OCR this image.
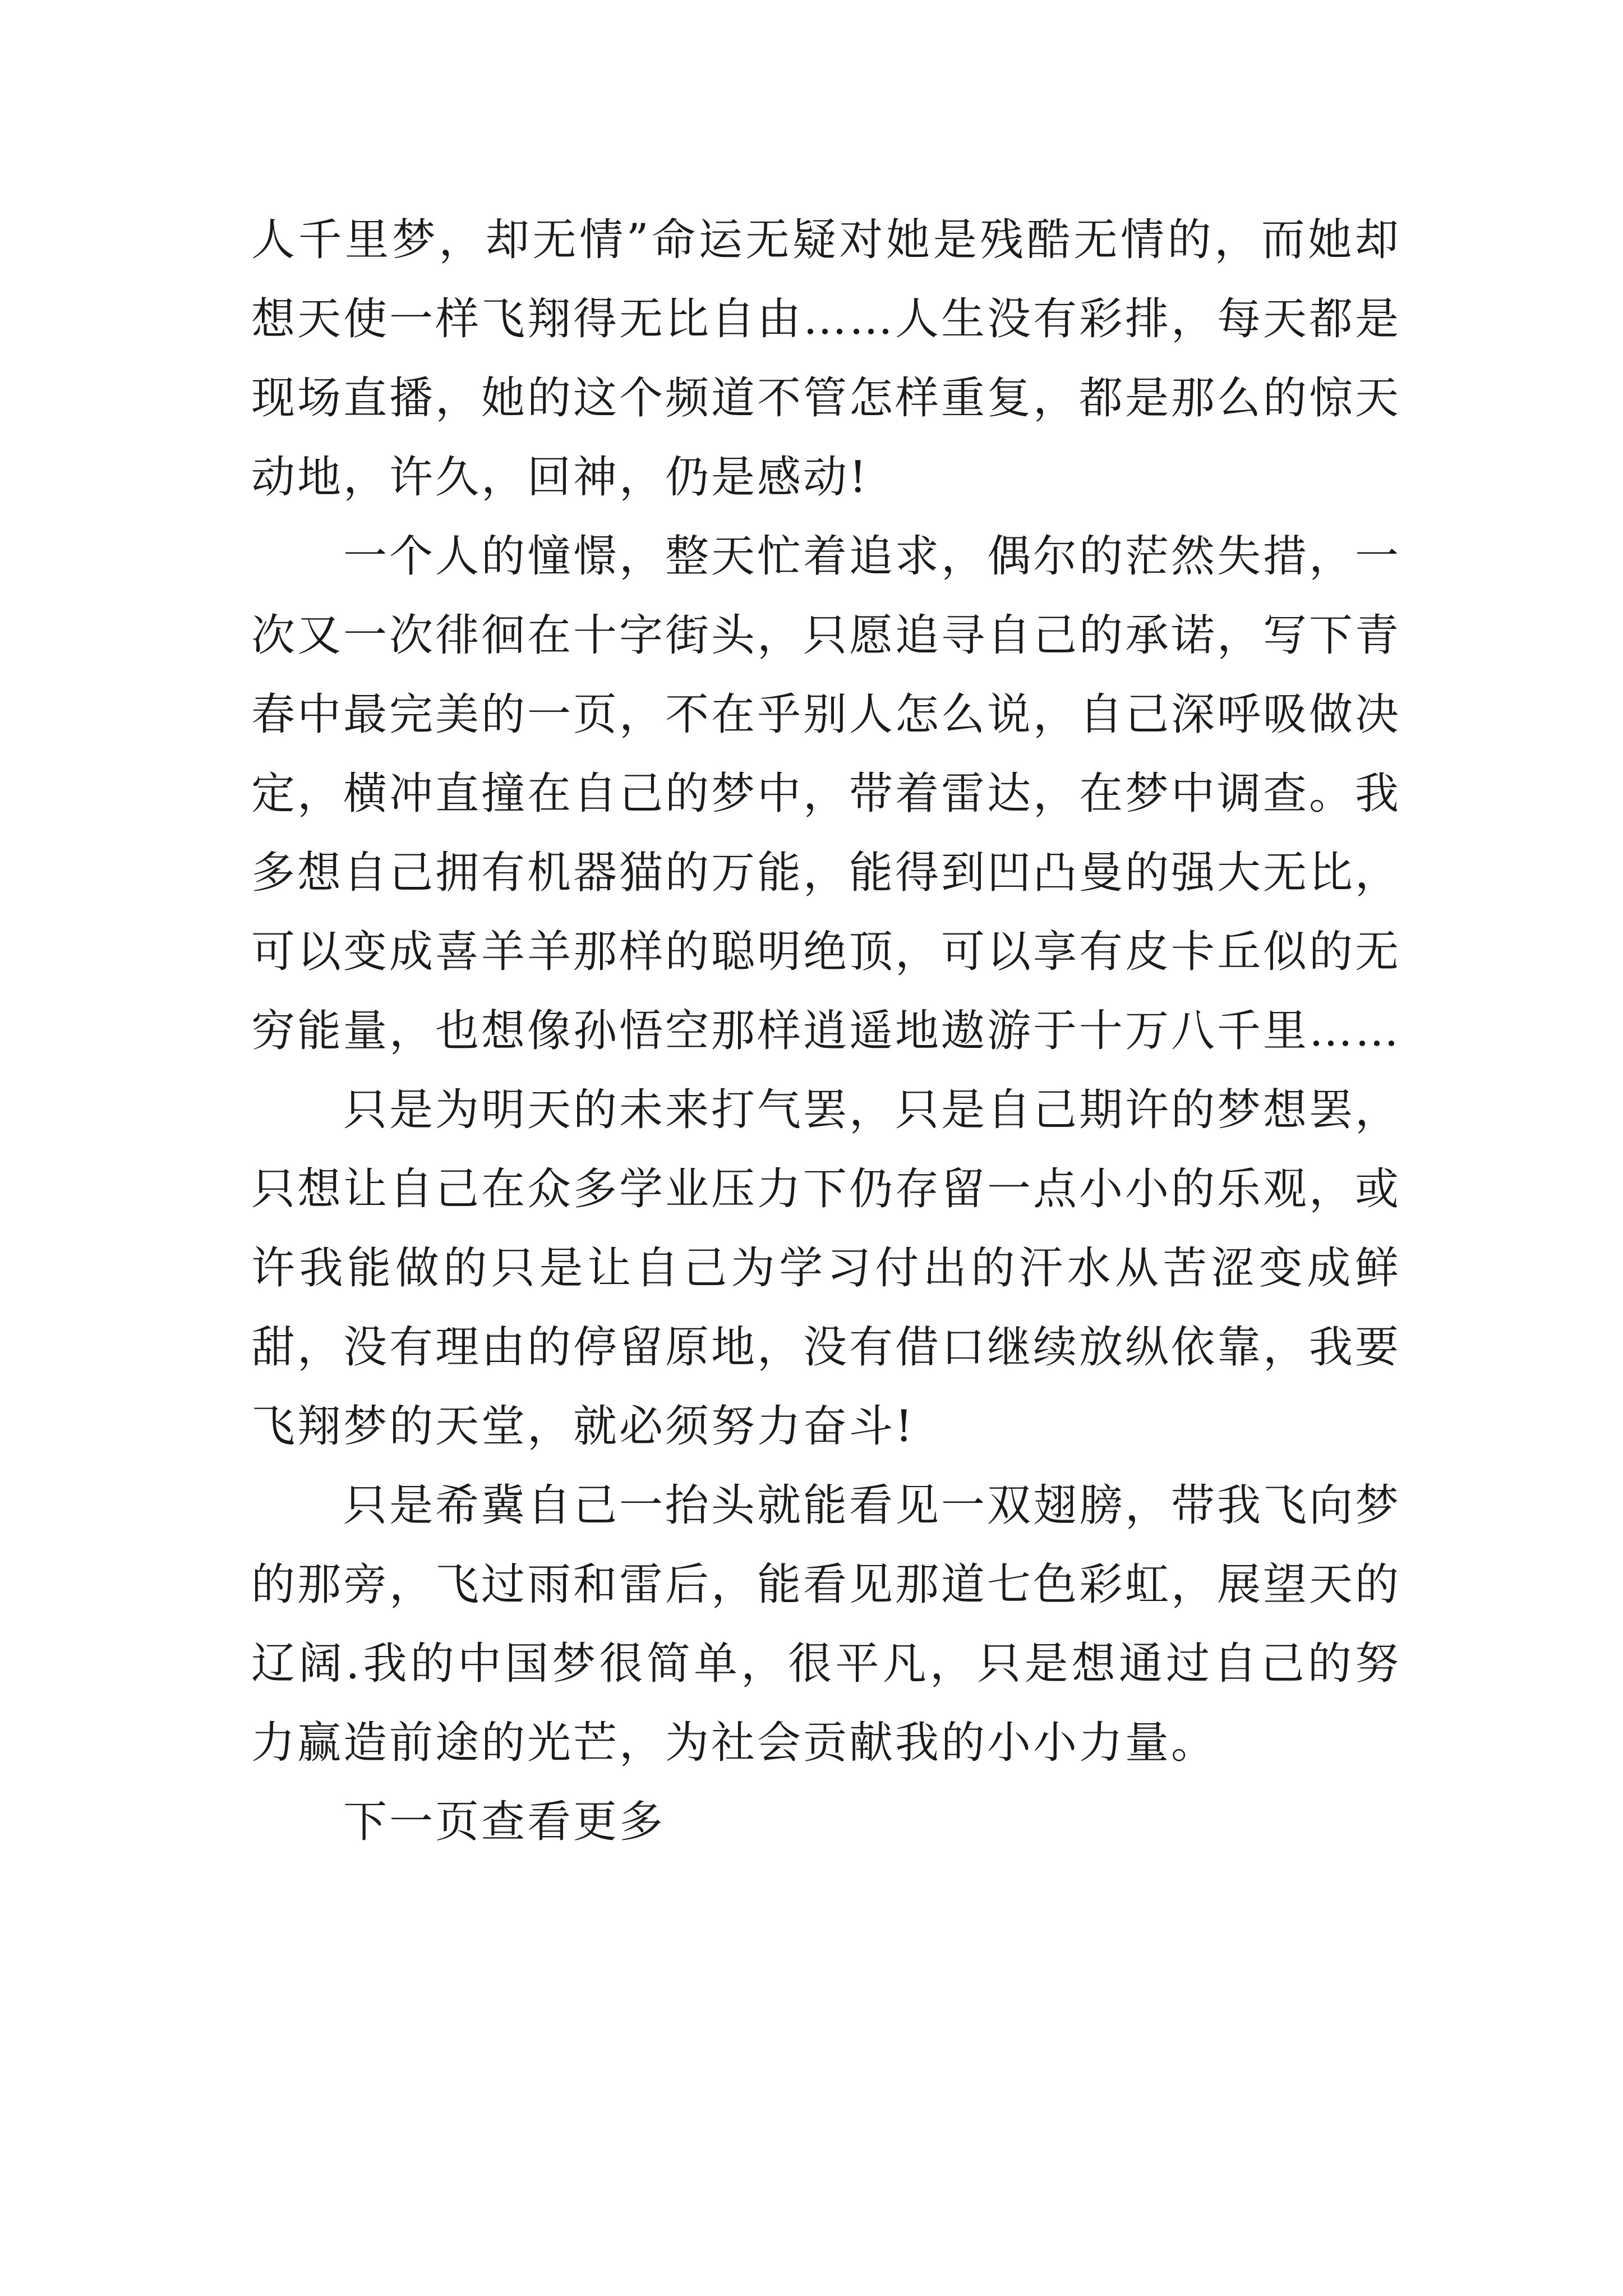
人千里梦，却无情”命运无疑对她是残酷无情的，而她却想天使一样飞翔得无比自由……人生没有彩排，每天都是现场直播，她的这个频道不管怎样重复，都是那么的惊天动地，许久，回神，仍是感动!

一个人的憧憬，整天忙着追求，偶尔的茫然失措，一次又一次徘徊在十字街头，只愿追寻自己的承诺，写下青春中最完美的一页，不在乎别人怎么说，自己深呼吸做决定，横冲直撞在自己的梦中，带着雷达，在梦中调查。我多想自己拥有机器猫的万能，能得到凹凸曼的强大无比，可以变成喜羊羊那样的聪明绝顶，可以享有皮卡丘似的无穷能量，也想像孙悟空那样逍遥地遨游于十万八千里……

只是为明天的未来打气罢，只是自己期许的梦想罢，只想让自己在众多学业压力下仍存留一点小小的乐观，或许我能做的只是让自己为学习付出的汗水从苦涩变成鲜甜，没有理由的停留原地，没有借口继续放纵依靠，我要飞翔梦的天堂，就必须努力奋斗!

只是希冀自己一抬头就能看见一双翅膀，带我飞向梦的那旁，飞过雨和雷后，能看见那道七色彩虹，展望天的辽阔.我的中国梦很简单，很平凡，只是想通过自己的努力赢造前途的光芒，为社会贡献我的小小力量。

下一页查看更多
